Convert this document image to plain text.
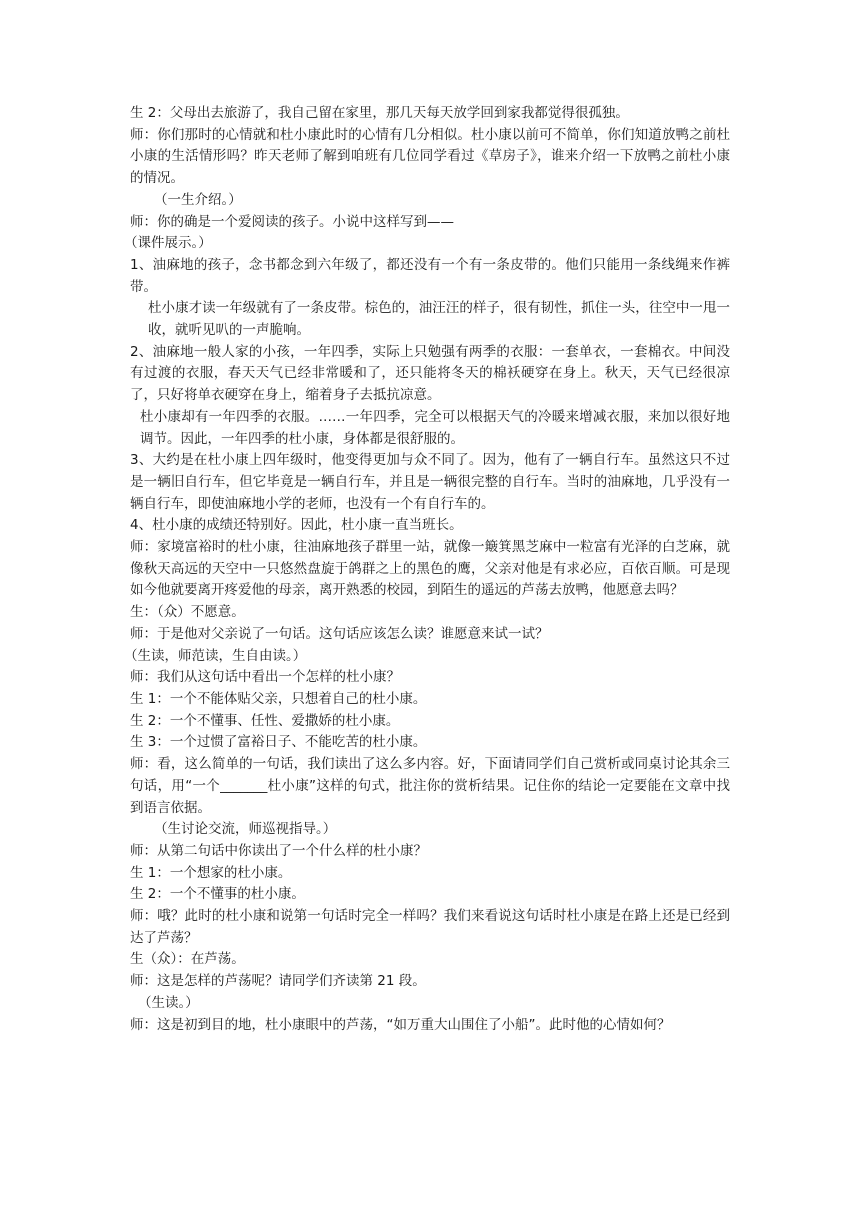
生 2：父母出去旅游了，我自己留在家里，那几天每天放学回到家我都觉得很孤独。

师：你们那时的心情就和杜小康此时的心情有几分相似。杜小康以前可不简单，你们知道放鸭之前杜小康的生活情形吗？昨天老师了解到咱班有几位同学看过《草房子》，谁来介绍一下放鸭之前杜小康的情况。

（一生介绍。）

师：你的确是一个爱阅读的孩子。小说中这样写到——

（课件展示。）

1、油麻地的孩子，念书都念到六年级了，都还没有一个有一条皮带的。他们只能用一条线绳来作裤带。

杜小康才读一年级就有了一条皮带。棕色的，油汪汪的样子，很有韧性，抓住一头，往空中一甩一收，就听见叭的一声脆响。

2、油麻地一般人家的小孩，一年四季，实际上只勉强有两季的衣服：一套单衣，一套棉衣。中间没有过渡的衣服，春天天气已经非常暖和了，还只能将冬天的棉袄硬穿在身上。秋天，天气已经很凉了，只好将单衣硬穿在身上，缩着身子去抵抗凉意。

杜小康却有一年四季的衣服。……一年四季，完全可以根据天气的冷暖来增减衣服，来加以很好地调节。因此，一年四季的杜小康，身体都是很舒服的。

3、大约是在杜小康上四年级时，他变得更加与众不同了。因为，他有了一辆自行车。虽然这只不过是一辆旧自行车，但它毕竟是一辆自行车，并且是一辆很完整的自行车。当时的油麻地，几乎没有一辆自行车，即使油麻地小学的老师，也没有一个有自行车的。

4、杜小康的成绩还特别好。因此，杜小康一直当班长。

师：家境富裕时的杜小康，往油麻地孩子群里一站，就像一簸箕黑芝麻中一粒富有光泽的白芝麻，就像秋天高远的天空中一只悠然盘旋于鸽群之上的黑色的鹰，父亲对他是有求必应，百依百顺。可是现如今他就要离开疼爱他的母亲，离开熟悉的校园，到陌生的遥远的芦荡去放鸭，他愿意去吗？

生：（众）不愿意。

师：于是他对父亲说了一句话。这句话应该怎么读？谁愿意来试一试？

（生读，师范读，生自由读。）

师：我们从这句话中看出一个怎样的杜小康？

生 1：一个不能体贴父亲，只想着自己的杜小康。

生 2：一个不懂事、任性、爱撒娇的杜小康。

生 3：一个过惯了富裕日子、不能吃苦的杜小康。

师：看，这么简单的一句话，我们读出了这么多内容。好，下面请同学们自己赏析或同桌讨论其余三句话，用“一个_______杜小康”这样的句式，批注你的赏析结果。记住你的结论一定要能在文章中找到语言依据。

（生讨论交流，师巡视指导。）

师：从第二句话中你读出了一个什么样的杜小康？

生 1：一个想家的杜小康。

生 2：一个不懂事的杜小康。

师：哦？此时的杜小康和说第一句话时完全一样吗？我们来看说这句话时杜小康是在路上还是已经到达了芦荡？

生（众）：在芦荡。

师：这是怎样的芦荡呢？请同学们齐读第 21 段。

（生读。）

师：这是初到目的地，杜小康眼中的芦荡，“如万重大山围住了小船”。此时他的心情如何？
